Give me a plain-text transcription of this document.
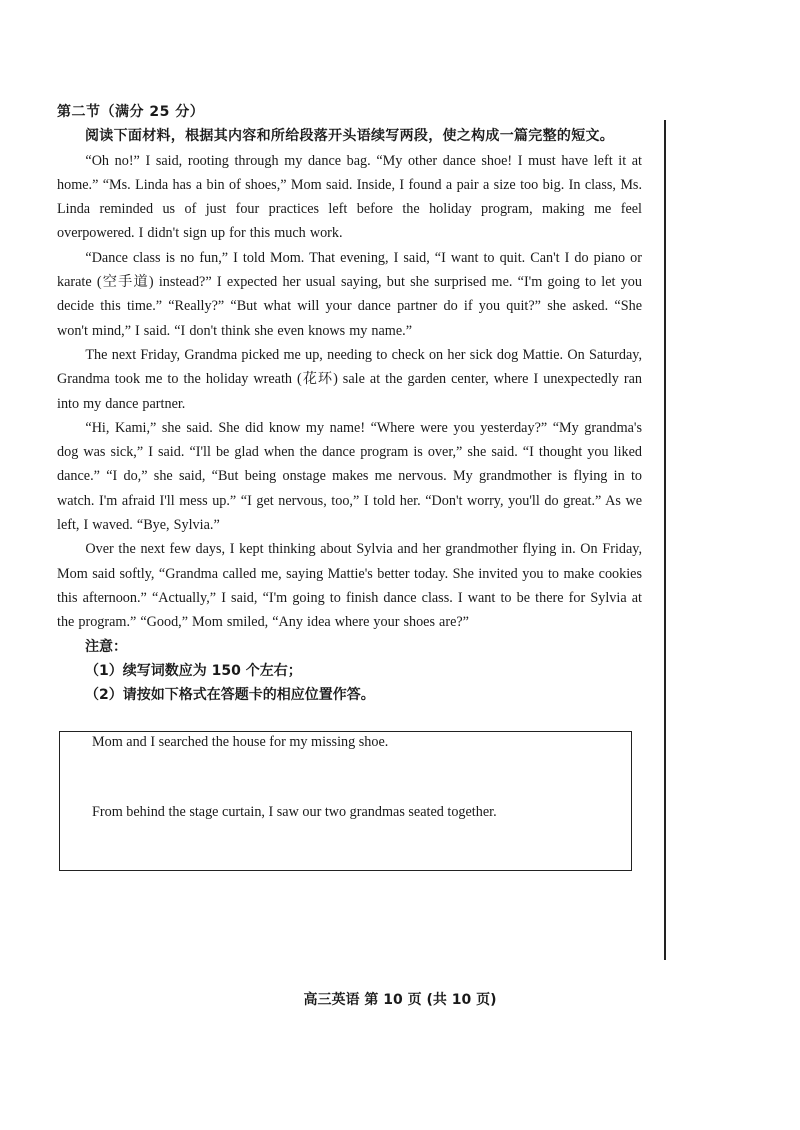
第二节（满分 25 分）

阅读下面材料，根据其内容和所给段落开头语续写两段，使之构成一篇完整的短文。

“Oh no!” I said, rooting through my dance bag. “My other dance shoe! I must have left it at home.” “Ms. Linda has a bin of shoes,” Mom said. Inside, I found a pair a size too big. In class, Ms. Linda reminded us of just four practices left before the holiday program, making me feel overpowered. I didn't sign up for this much work.

“Dance class is no fun,” I told Mom. That evening, I said, “I want to quit. Can't I do piano or karate (空手道) instead?” I expected her usual saying, but she surprised me. “I'm going to let you decide this time.” “Really?” “But what will your dance partner do if you quit?” she asked. “She won't mind,” I said. “I don't think she even knows my name.”

The next Friday, Grandma picked me up, needing to check on her sick dog Mattie. On Saturday, Grandma took me to the holiday wreath (花环) sale at the garden center, where I unexpectedly ran into my dance partner.

“Hi, Kami,” she said. She did know my name! “Where were you yesterday?” “My grandma's dog was sick,” I said. “I'll be glad when the dance program is over,” she said. “I thought you liked dance.” “I do,” she said, “But being onstage makes me nervous. My grandmother is flying in to watch. I'm afraid I'll mess up.” “I get nervous, too,” I told her. “Don't worry, you'll do great.” As we left, I waved. “Bye, Sylvia.”

Over the next few days, I kept thinking about Sylvia and her grandmother flying in. On Friday, Mom said softly, “Grandma called me, saying Mattie's better today. She invited you to make cookies this afternoon.” “Actually,” I said, “I'm going to finish dance class. I want to be there for Sylvia at the program.” “Good,” Mom smiled, “Any idea where your shoes are?”

注意：

（1）续写词数应为 150 个左右；

（2）请按如下格式在答题卡的相应位置作答。

Mom and I searched the house for my missing shoe.

From behind the stage curtain, I saw our two grandmas seated together.

高三英语 第 10 页 (共 10 页)
